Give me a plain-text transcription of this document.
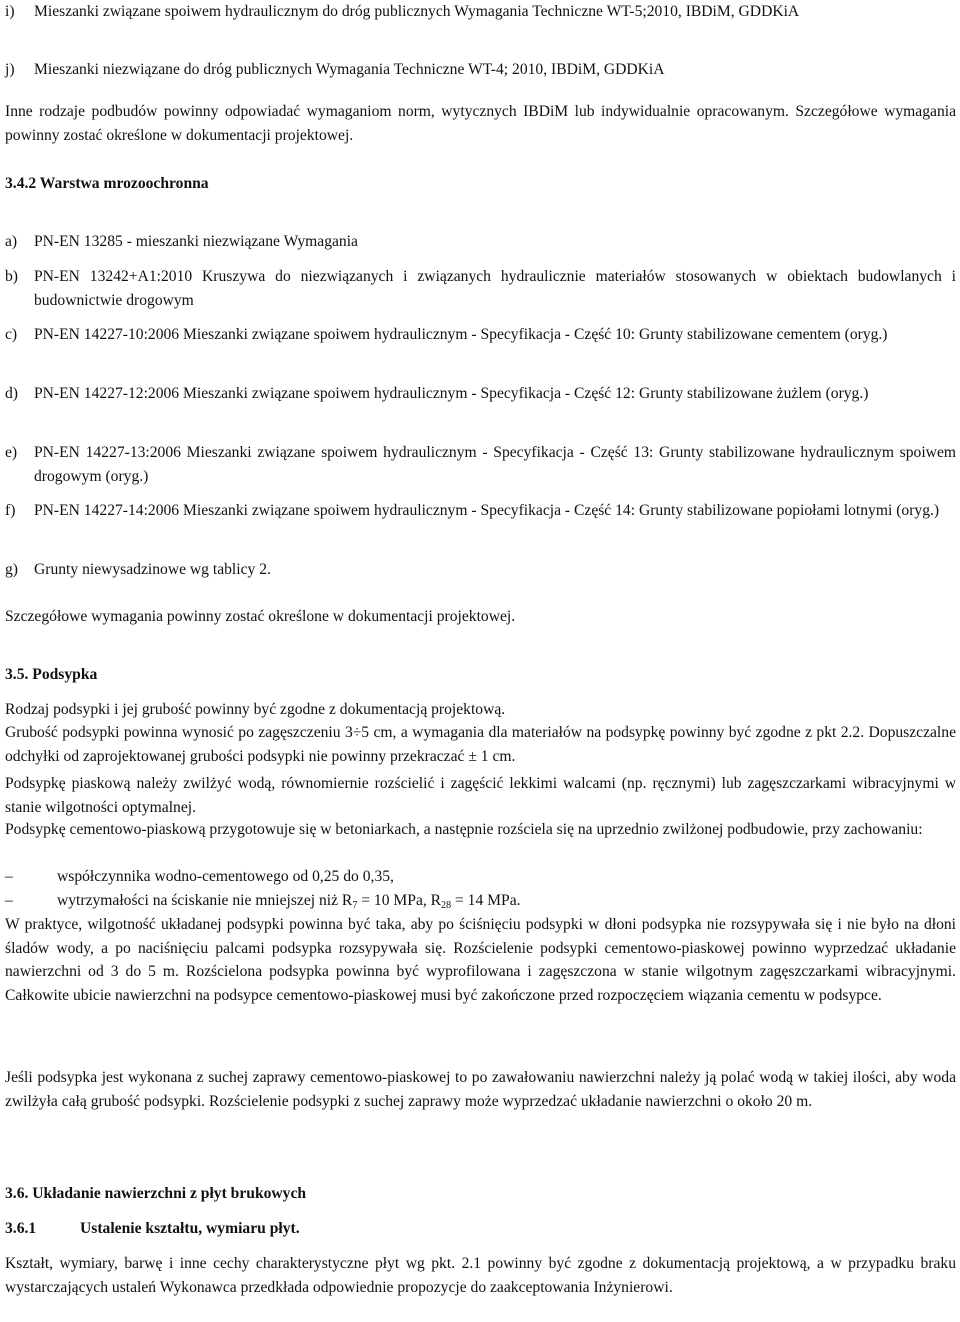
i)	Mieszanki związane spoiwem hydraulicznym do dróg publicznych Wymagania Techniczne WT-5;2010, IBDiM, GDDKiA
j)	Mieszanki niezwiązane do dróg publicznych Wymagania Techniczne WT-4; 2010, IBDiM, GDDKiA
Inne rodzaje podbudów powinny odpowiadać wymaganiom norm, wytycznych IBDiM lub indywidualnie opracowanym. Szczegółowe wymagania powinny zostać określone w dokumentacji projektowej.
3.4.2 Warstwa mrozoochronna
a)	PN-EN 13285 - mieszanki niezwiązane Wymagania
b)	PN-EN 13242+A1:2010 Kruszywa do niezwiązanych i związanych hydraulicznie materiałów stosowanych w obiektach budowlanych i budownictwie drogowym
c)	PN-EN 14227-10:2006 Mieszanki związane spoiwem hydraulicznym - Specyfikacja - Część 10: Grunty stabilizowane cementem (oryg.)
d)	PN-EN 14227-12:2006 Mieszanki związane spoiwem hydraulicznym - Specyfikacja - Część 12: Grunty stabilizowane żużlem (oryg.)
e)	PN-EN 14227-13:2006 Mieszanki związane spoiwem hydraulicznym - Specyfikacja - Część 13: Grunty stabilizowane hydraulicznym spoiwem drogowym (oryg.)
f)	PN-EN 14227-14:2006 Mieszanki związane spoiwem hydraulicznym - Specyfikacja - Część 14: Grunty stabilizowane popiołami lotnymi (oryg.)
g)	Grunty niewysadzinowe wg tablicy 2.
Szczegółowe wymagania powinny zostać określone w dokumentacji projektowej.
3.5. Podsypka
Rodzaj podsypki i jej grubość powinny być zgodne z dokumentacją projektową.
Grubość podsypki powinna wynosić po zagęszczeniu 3÷5 cm, a wymagania dla materiałów na podsypkę powinny być zgodne z pkt 2.2. Dopuszczalne odchyłki od zaprojektowanej grubości podsypki nie powinny przekraczać ± 1 cm.
Podsypkę piaskową należy zwilżyć wodą, równomiernie rozścielić i zagęścić lekkimi walcami (np. ręcznymi) lub zagęszczarkami wibracyjnymi w stanie wilgotności optymalnej.
Podsypkę cementowo-piaskową przygotowuje się w betoniarkach, a następnie rozściela się na uprzednio zwilżonej podbudowie, przy zachowaniu:
–	współczynnika wodno-cementowego od 0,25 do 0,35,
–	wytrzymałości na ściskanie nie mniejszej niż $R_7 = 10$ MPa, $R_{28} = 14$ MPa.
W praktyce, wilgotność układanej podsypki powinna być taka, aby po ściśnięciu podsypki w dłoni podsypka nie rozsypywała się i nie było na dłoni śladów wody, a po naciśnięciu palcami podsypka rozsypywała się. Rozścielenie podsypki cementowo-piaskowej powinno wyprzedzać układanie nawierzchni od 3 do 5 m. Rozścielona podsypka powinna być wyprofilowana i zagęszczona w stanie wilgotnym zagęszczarkami wibracyjnymi. Całkowite ubicie nawierzchni na podsypce cementowo-piaskowej musi być zakończone przed rozpoczęciem wiązania cementu w podsypce.
Jeśli podsypka jest wykonana z suchej zaprawy cementowo-piaskowej to po zawałowaniu nawierzchni należy ją polać wodą w takiej ilości, aby woda zwilżyła całą grubość podsypki. Rozścielenie podsypki z suchej zaprawy może wyprzedzać układanie nawierzchni o około 20 m.
3.6. Układanie nawierzchni z płyt brukowych
3.6.1	Ustalenie kształtu, wymiaru płyt.
Kształt, wymiary, barwę i inne cechy charakterystyczne płyt wg pkt. 2.1 powinny być zgodne z dokumentacją projektową, a w przypadku braku wystarczających ustaleń Wykonawca przedkłada odpowiednie propozycje do zaakceptowania Inżynierowi.
